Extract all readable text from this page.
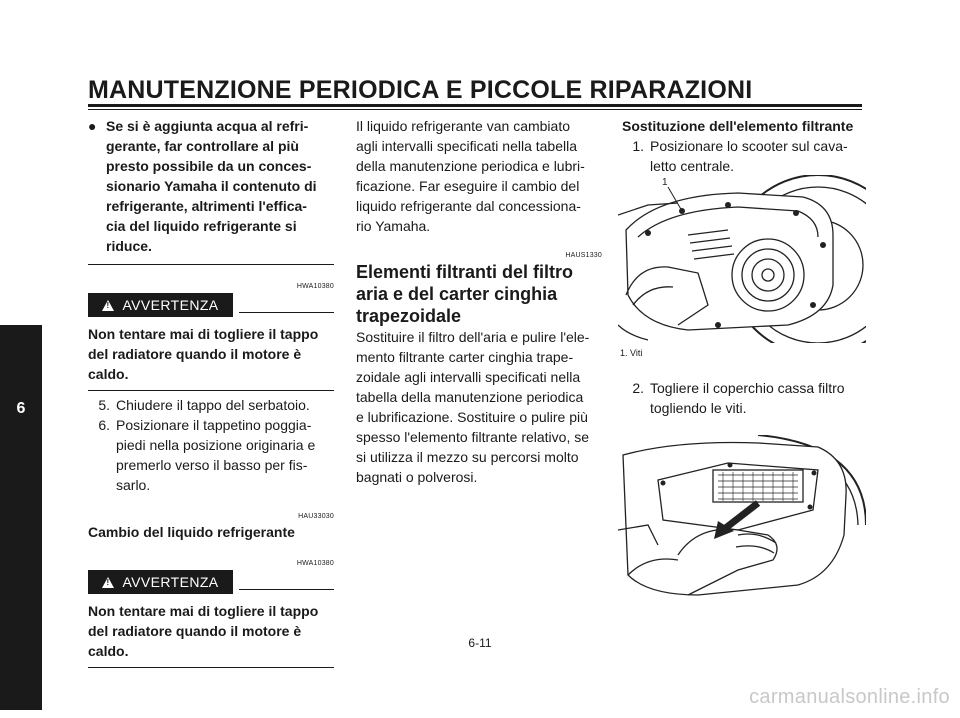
MANUTENZIONE PERIODICA E PICCOLE RIPARAZIONI
6
● Se si è aggiunta acqua al refri-
gerante, far controllare al più
presto possibile da un conces-
sionario Yamaha il contenuto di
refrigerante, altrimenti l'effica-
cia del liquido refrigerante si
riduce.
HWA10380
! AVVERTENZA
Non tentare mai di togliere il tappo
del radiatore quando il motore è
caldo.
5. Chiudere il tappo del serbatoio.
6. Posizionare il tappetino poggia-
piedi nella posizione originaria e
premerlo verso il basso per fis-
sarlo.
HAU33030
Cambio del liquido refrigerante
HWA10380
! AVVERTENZA
Non tentare mai di togliere il tappo
del radiatore quando il motore è
caldo.
Il liquido refrigerante van cambiato
agli intervalli specificati nella tabella
della manutenzione periodica e lubri-
ficazione. Far eseguire il cambio del
liquido refrigerante dal concessiona-
rio Yamaha.
HAUS1330
Elementi filtranti del filtro
aria e del carter cinghia
trapezoidale
Sostituire il filtro dell'aria e pulire l'ele-
mento filtrante carter cinghia trape-
zoidale agli intervalli specificati nella
tabella della manutenzione periodica
e lubrificazione. Sostituire o pulire più
spesso l'elemento filtrante relativo, se
si utilizza il mezzo su percorsi molto
bagnati o polverosi.
Sostituzione dell'elemento filtrante
1. Posizionare lo scooter sul cava-
letto centrale.
2. Togliere il coperchio cassa filtro
togliendo le viti.
1
1. Viti
6-11
carmanualsonline.info
